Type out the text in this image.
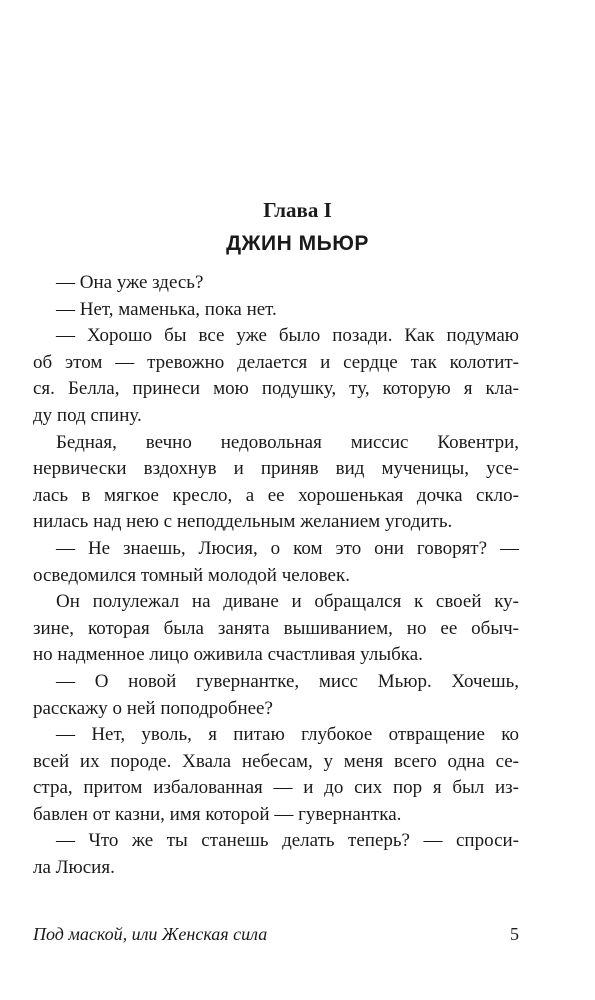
Глава I
ДЖИН МЬЮР
— Она уже здесь?
— Нет, маменька, пока нет.
— Хорошо бы все уже было позади. Как подумаю
об этом — тревожно делается и сердце так колотит-
ся. Белла, принеси мою подушку, ту, которую я кла-
ду под спину.
Бедная, вечно недовольная миссис Ковентри,
нервически вздохнув и приняв вид мученицы, усе-
лась в мягкое кресло, а ее хорошенькая дочка скло-
нилась над нею с неподдельным желанием угодить.
— Не знаешь, Люсия, о ком это они говорят? —
осведомился томный молодой человек.
Он полулежал на диване и обращался к своей ку-
зине, которая была занята вышиванием, но ее обыч-
но надменное лицо оживила счастливая улыбка.
— О новой гувернантке, мисс Мьюр. Хочешь,
расскажу о ней поподробнее?
— Нет, уволь, я питаю глубокое отвращение ко
всей их породе. Хвала небесам, у меня всего одна се-
стра, притом избалованная — и до сих пор я был из-
бавлен от казни, имя которой — гувернантка.
— Что же ты станешь делать теперь? — спроси-
ла Люсия.
Под маской, или Женская сила	5
